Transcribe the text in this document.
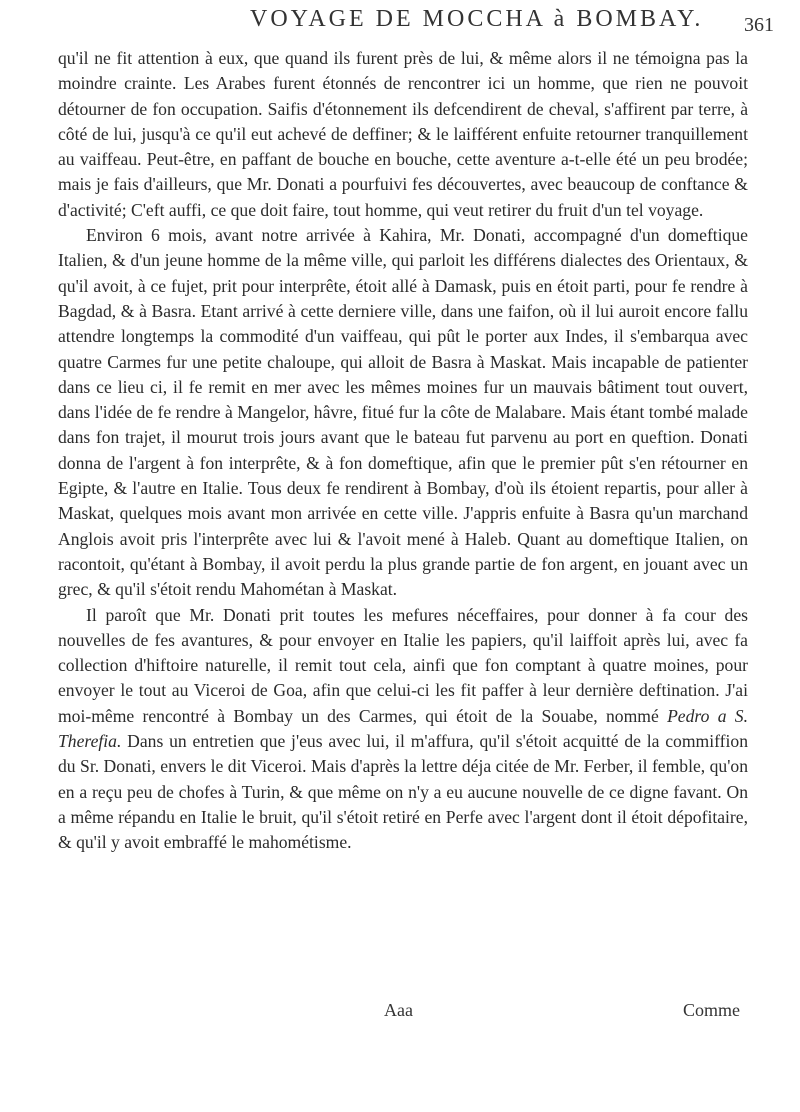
VOYAGE DE MOCCHA à BOMBAY. 361

qu'il ne fit attention à eux, que quand ils furent près de lui, & même alors il ne témoigna pas la moindre crainte. Les Arabes furent étonnés de rencontrer ici un homme, que rien ne pouvoit détourner de fon occupation. Saifis d'étonnement ils defcendirent de cheval, s'affirent par terre, à côté de lui, jusqu'à ce qu'il eut achevé de deffiner; & le laifférent enfuite retourner tranquillement au vaiffeau. Peut-être, en paffant de bouche en bouche, cette aventure a-t-elle été un peu brodée; mais je fais d'ailleurs, que Mr. Donati a pourfuivi fes découvertes, avec beaucoup de conftance & d'activité; C'eft auffi, ce que doit faire, tout homme, qui veut retirer du fruit d'un tel voyage.

Environ 6 mois, avant notre arrivée à Kahira, Mr. Donati, accompagné d'un domeftique Italien, & d'un jeune homme de la même ville, qui parloit les différens dialectes des Orientaux, & qu'il avoit, à ce fujet, prit pour interprête, étoit allé à Damask, puis en étoit parti, pour fe rendre à Bagdad, & à Basra. Etant arrivé à cette derniere ville, dans une faifon, où il lui auroit encore fallu attendre longtemps la commodité d'un vaiffeau, qui pût le porter aux Indes, il s'embarqua avec quatre Carmes fur une petite chaloupe, qui alloit de Basra à Maskat. Mais incapable de patienter dans ce lieu ci, il fe remit en mer avec les mêmes moines fur un mauvais bâtiment tout ouvert, dans l'idée de fe rendre à Mangelor, hâvre, fitué fur la côte de Malabare. Mais étant tombé malade dans fon trajet, il mourut trois jours avant que le bateau fut parvenu au port en queftion. Donati donna de l'argent à fon interprête, & à fon domeftique, afin que le premier pût s'en rétourner en Egipte, & l'autre en Italie. Tous deux fe rendirent à Bombay, d'où ils étoient repartis, pour aller à Maskat, quelques mois avant mon arrivée en cette ville. J'appris enfuite à Basra qu'un marchand Anglois avoit pris l'interprête avec lui & l'avoit mené à Haleb. Quant au domeftique Italien, on racontoit, qu'étant à Bombay, il avoit perdu la plus grande partie de fon argent, en jouant avec un grec, & qu'il s'étoit rendu Mahométan à Maskat.

Il paroît que Mr. Donati prit toutes les mefures néceffaires, pour donner à fa cour des nouvelles de fes avantures, & pour envoyer en Italie les papiers, qu'il laiffoit après lui, avec fa collection d'hiftoire naturelle, il remit tout cela, ainfi que fon comptant à quatre moines, pour envoyer le tout au Viceroi de Goa, afin que celui-ci les fit paffer à leur dernière deftination. J'ai moi-même rencontré à Bombay un des Carmes, qui étoit de la Souabe, nommé Pedro a S. Therefia. Dans un entretien que j'eus avec lui, il m'affura, qu'il s'étoit acquitté de la commiffion du Sr. Donati, envers le dit Viceroi. Mais d'après la lettre déja citée de Mr. Ferber, il femble, qu'on en a reçu peu de chofes à Turin, & que même on n'y a eu aucune nouvelle de ce digne favant. On a même répandu en Italie le bruit, qu'il s'étoit retiré en Perfe avec l'argent dont il étoit dépofitaire, & qu'il y avoit embraffé le mahométisme.

Aaa	Comme
